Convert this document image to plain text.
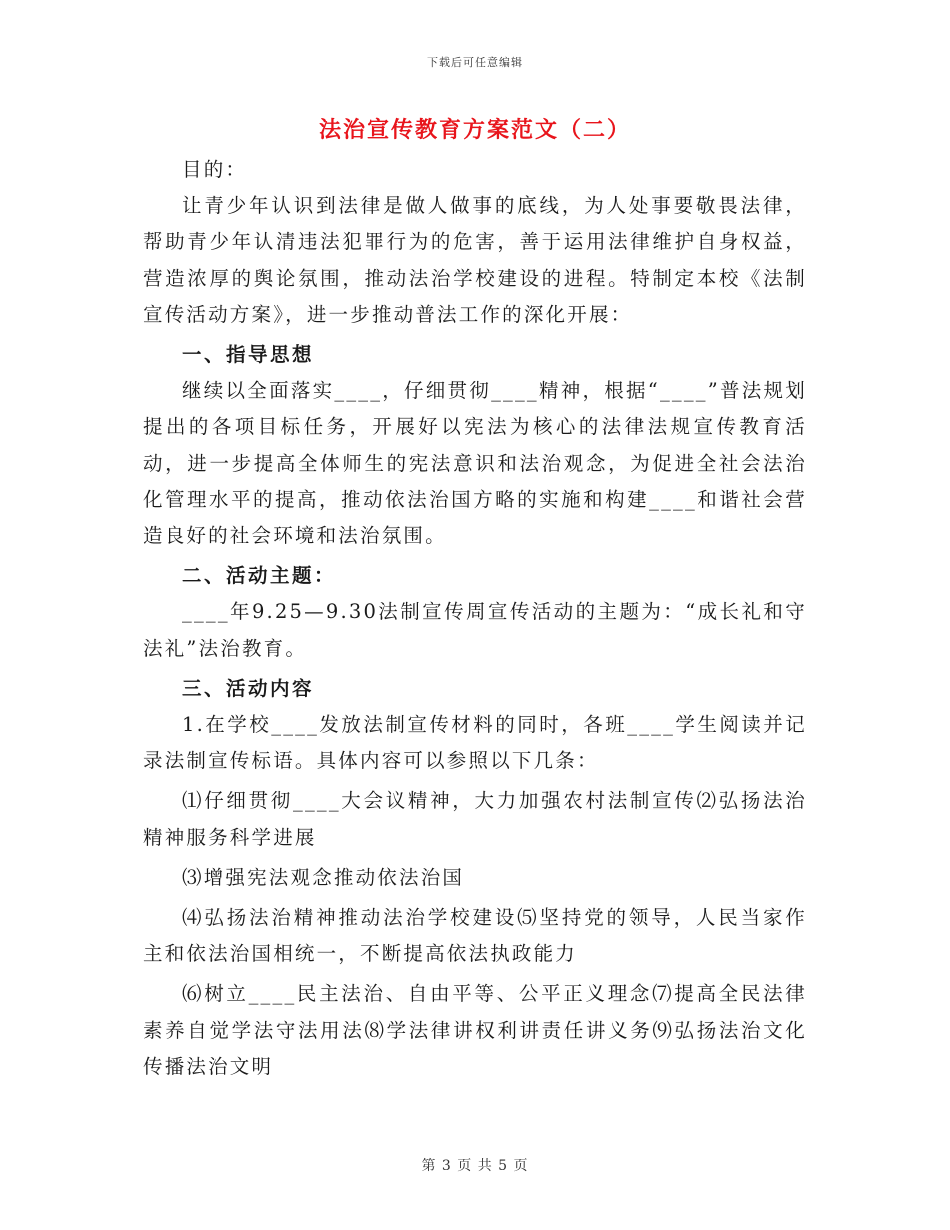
下载后可任意编辑
法治宣传教育方案范文（二）

目的：

让青少年认识到法律是做人做事的底线，为人处事要敬畏法律，帮助青少年认清违法犯罪行为的危害，善于运用法律维护自身权益，营造浓厚的舆论氛围，推动法治学校建设的进程。特制定本校《法制宣传活动方案》，进一步推动普法工作的深化开展：

一、指导思想

继续以全面落实____，仔细贯彻____精神，根据“____”普法规划提出的各项目标任务，开展好以宪法为核心的法律法规宣传教育活动，进一步提高全体师生的宪法意识和法治观念，为促进全社会法治化管理水平的提高，推动依法治国方略的实施和构建____和谐社会营造良好的社会环境和法治氛围。

二、活动主题：

____年9.25—9.30法制宣传周宣传活动的主题为：“成长礼和守法礼”法治教育。

三、活动内容

1.在学校____发放法制宣传材料的同时，各班____学生阅读并记录法制宣传标语。具体内容可以参照以下几条：

⑴仔细贯彻____大会议精神，大力加强农村法制宣传⑵弘扬法治精神服务科学进展

⑶增强宪法观念推动依法治国

⑷弘扬法治精神推动法治学校建设⑸坚持党的领导，人民当家作主和依法治国相统一，不断提高依法执政能力

⑹树立____民主法治、自由平等、公平正义理念⑺提高全民法律素养自觉学法守法用法⑻学法律讲权利讲责任讲义务⑼弘扬法治文化传播法治文明

第 3 页 共 5 页
